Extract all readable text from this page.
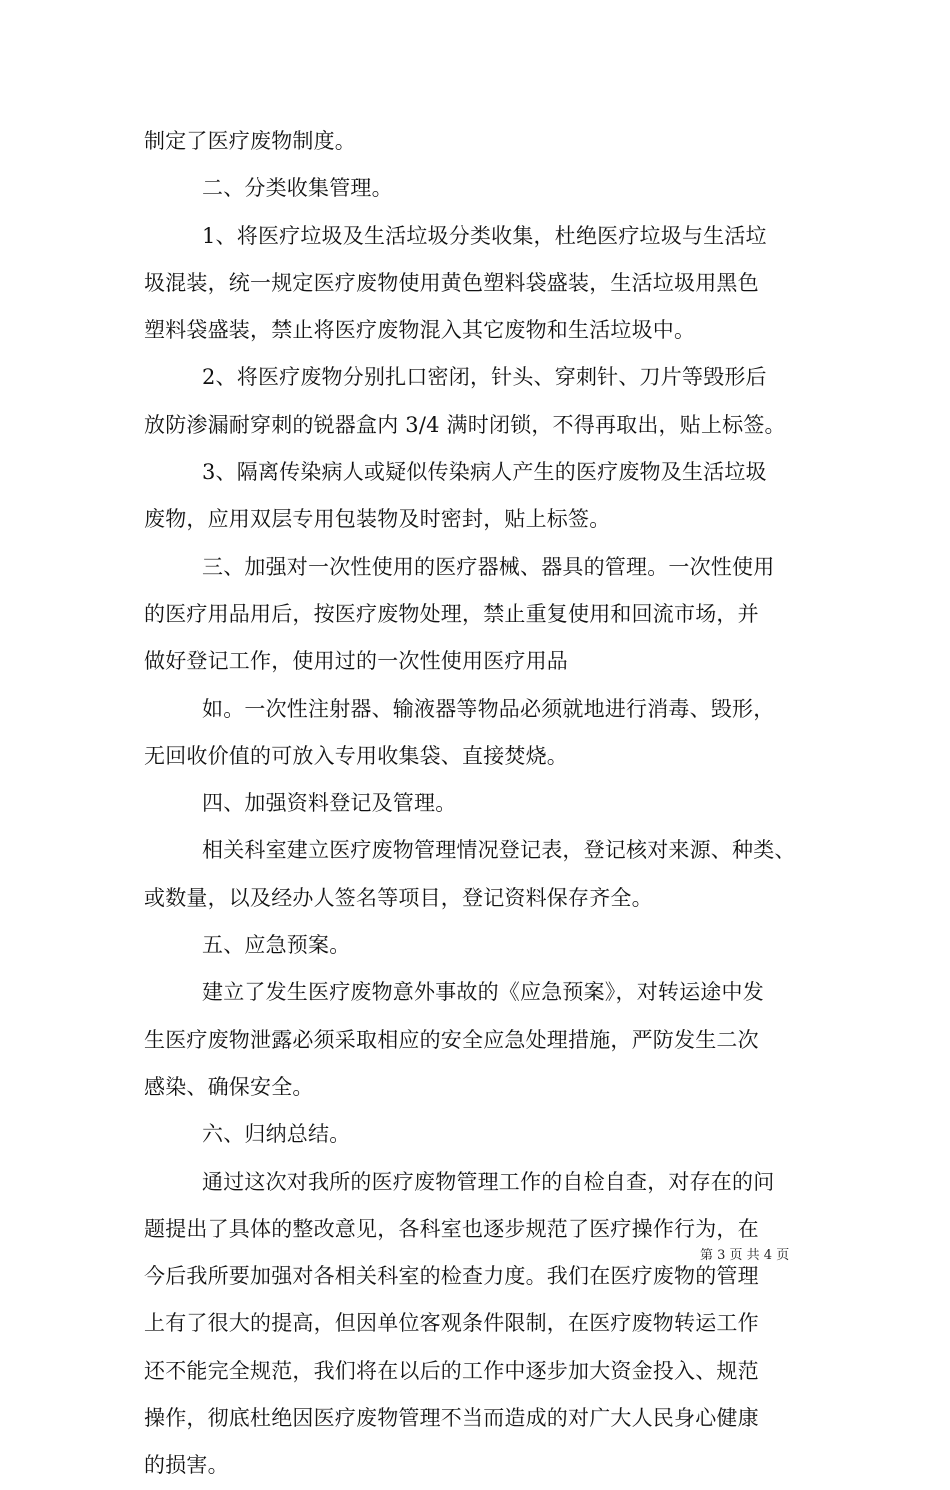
制定了医疗废物制度。
二、分类收集管理。
1、将医疗垃圾及生活垃圾分类收集，杜绝医疗垃圾与生活垃
圾混装，统一规定医疗废物使用黄色塑料袋盛装，生活垃圾用黑色
塑料袋盛装，禁止将医疗废物混入其它废物和生活垃圾中。
2、将医疗废物分别扎口密闭，针头、穿刺针、刀片等毁形后
放防渗漏耐穿刺的锐器盒内 3/4 满时闭锁，不得再取出，贴上标签。
3、隔离传染病人或疑似传染病人产生的医疗废物及生活垃圾
废物，应用双层专用包装物及时密封，贴上标签。
三、加强对一次性使用的医疗器械、器具的管理。一次性使用
的医疗用品用后，按医疗废物处理，禁止重复使用和回流市场，并
做好登记工作，使用过的一次性使用医疗用品
如。一次性注射器、输液器等物品必须就地进行消毒、毁形，
无回收价值的可放入专用收集袋、直接焚烧。
四、加强资料登记及管理。
相关科室建立医疗废物管理情况登记表，登记核对来源、种类、
或数量，以及经办人签名等项目，登记资料保存齐全。
五、应急预案。
建立了发生医疗废物意外事故的《应急预案》，对转运途中发
生医疗废物泄露必须采取相应的安全应急处理措施，严防发生二次
感染、确保安全。
六、归纳总结。
通过这次对我所的医疗废物管理工作的自检自查，对存在的问
题提出了具体的整改意见，各科室也逐步规范了医疗操作行为，在
今后我所要加强对各相关科室的检查力度。我们在医疗废物的管理
上有了很大的提高，但因单位客观条件限制，在医疗废物转运工作
还不能完全规范，我们将在以后的工作中逐步加大资金投入、规范
操作，彻底杜绝因医疗废物管理不当而造成的对广大人民身心健康
的损害。
第 3 页 共 4 页
